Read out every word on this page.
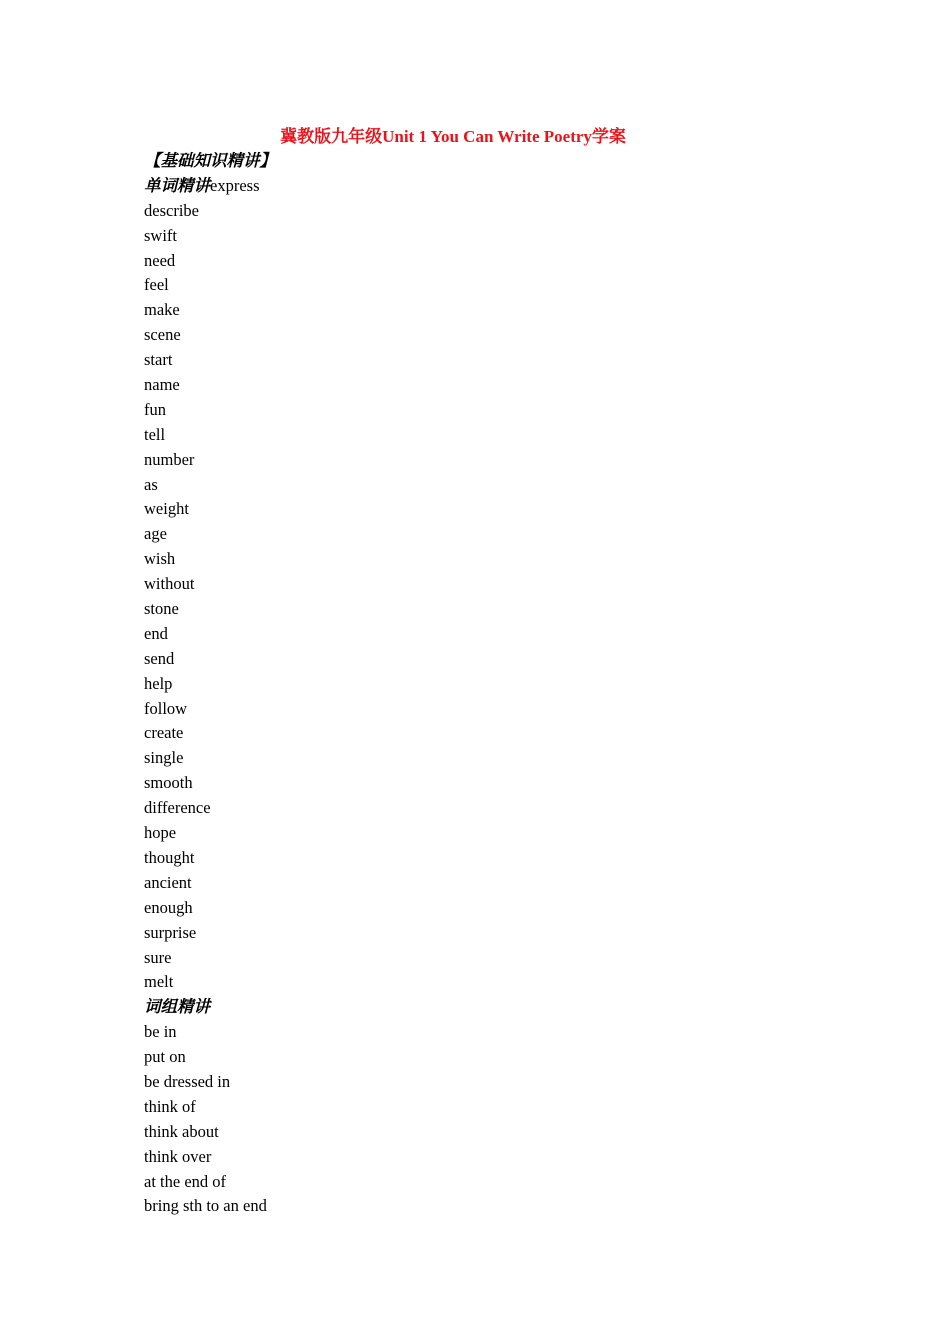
冀教版九年级Unit 1 You Can Write Poetry学案
【基础知识精讲】
单词精讲express
describe
swift
need
feel
make
scene
start
name
fun
tell
number
as
weight
age
wish
without
stone
end
send
help
follow
create
single
smooth
difference
hope
thought
ancient
enough
surprise
sure
melt
词组精讲
be in
put on
be dressed in
think of
think about
think over
at the end of
bring sth to an end
